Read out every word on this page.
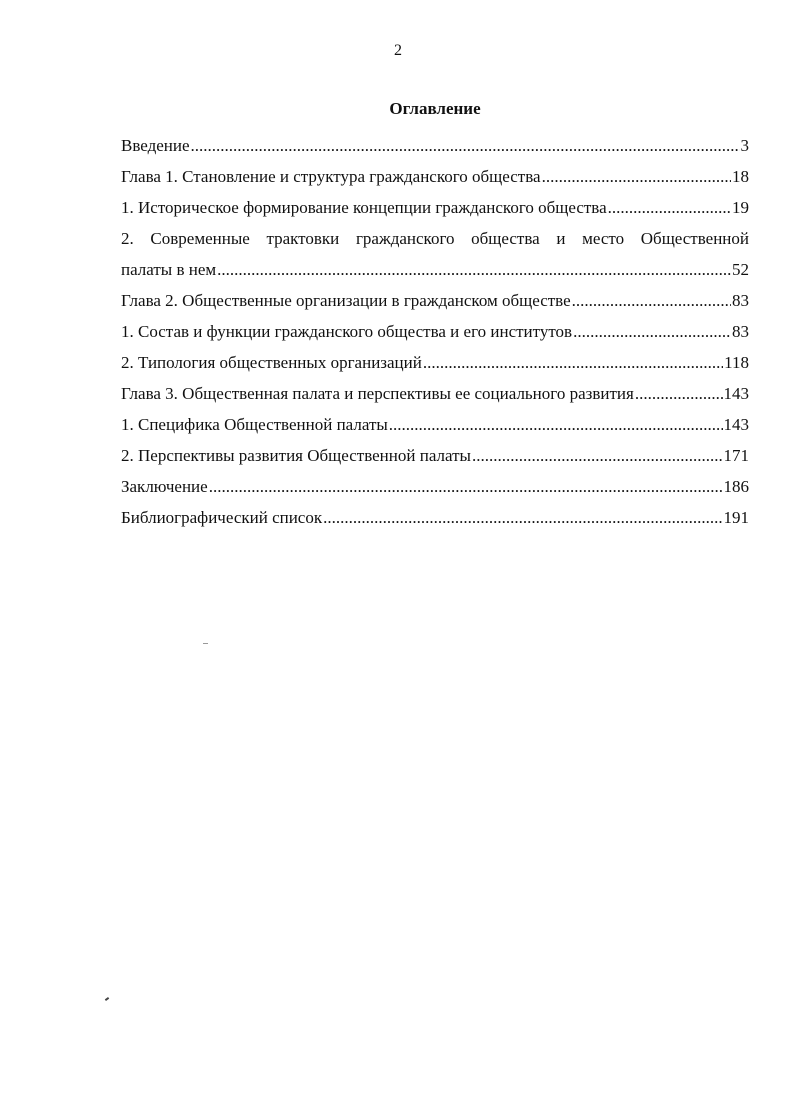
2
Оглавление
Введение .....	3
Глава 1. Становление и структура гражданского общества .....	18
1. Историческое формирование концепции гражданского общества .....	19
2. Современные трактовки гражданского общества и место Общественной
палаты в нем .....	52
Глава 2. Общественные организации в гражданском обществе .....	83
1. Состав и функции гражданского общества и его институтов .....	83
2. Типология общественных организаций .....	118
Глава 3. Общественная палата и перспективы ее социального развития .....	143
1. Специфика Общественной палаты .....	143
2. Перспективы развития Общественной палаты .....	171
Заключение .....	186
Библиографический список .....	191
